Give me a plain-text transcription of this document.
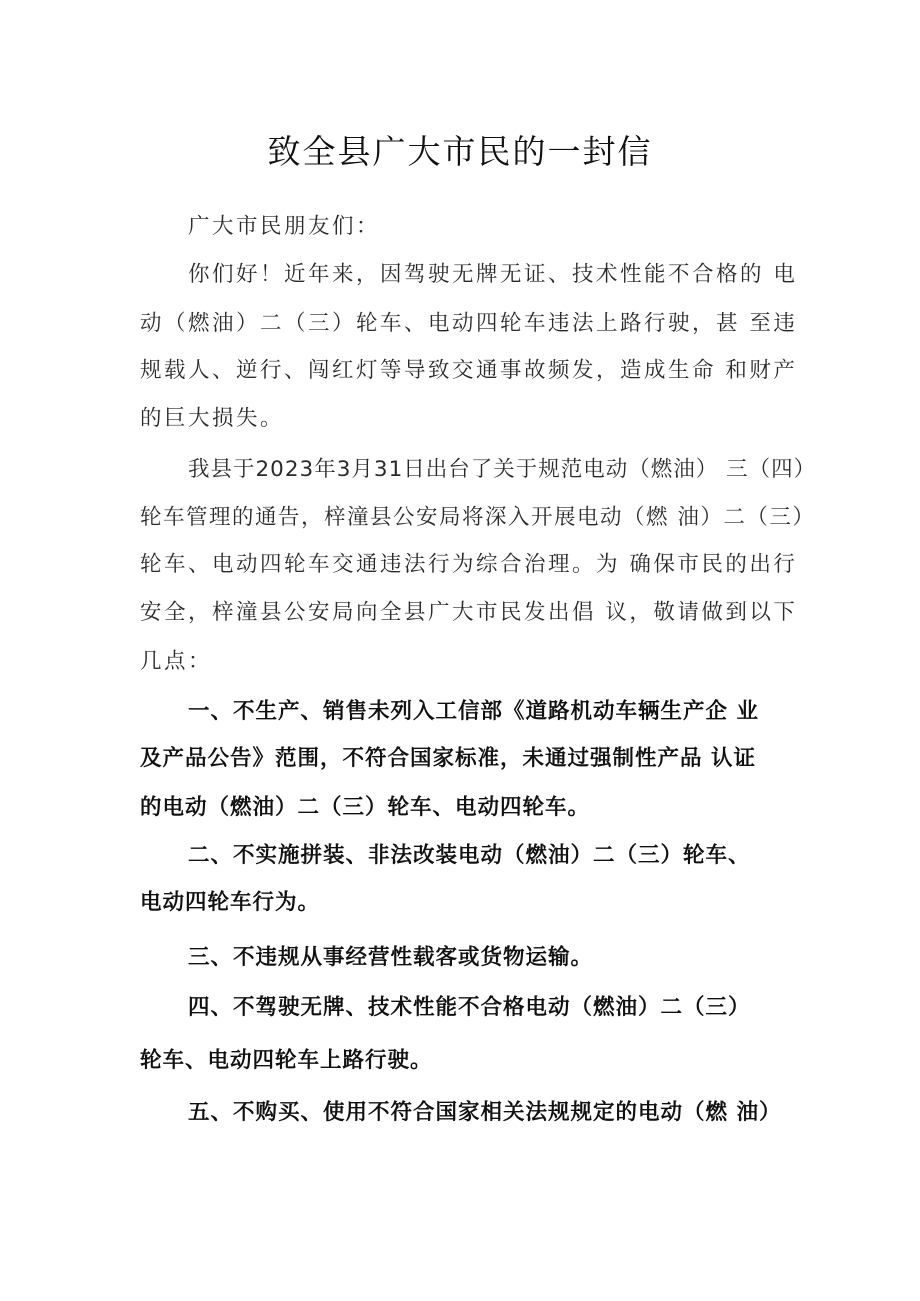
致全县广大市民的一封信
广大市民朋友们：
你们好！近年来，因驾驶无牌无证、技术性能不合格的 电
动（燃油）二（三）轮车、电动四轮车违法上路行驶，甚 至违
规载人、逆行、闯红灯等导致交通事故频发，造成生命 和财产
的巨大损失。
我县于2023年3月31日出台了关于规范电动（燃油） 三（四）
轮车管理的通告，梓潼县公安局将深入开展电动（燃 油）二（三）
轮车、电动四轮车交通违法行为综合治理。为 确保市民的出行
安全，梓潼县公安局向全县广大市民发出倡 议，敬请做到以下
几点：
一、不生产、销售未列入工信部《道路机动车辆生产企 业
及产品公告》范围，不符合国家标准，未通过强制性产品 认证
的电动（燃油）二（三）轮车、电动四轮车。
二、不实施拼装、非法改装电动（燃油）二（三）轮车、
电动四轮车行为。
三、不违规从事经营性载客或货物运输。
四、不驾驶无牌、技术性能不合格电动（燃油）二（三）
轮车、电动四轮车上路行驶。
五、不购买、使用不符合国家相关法规规定的电动（燃 油）
